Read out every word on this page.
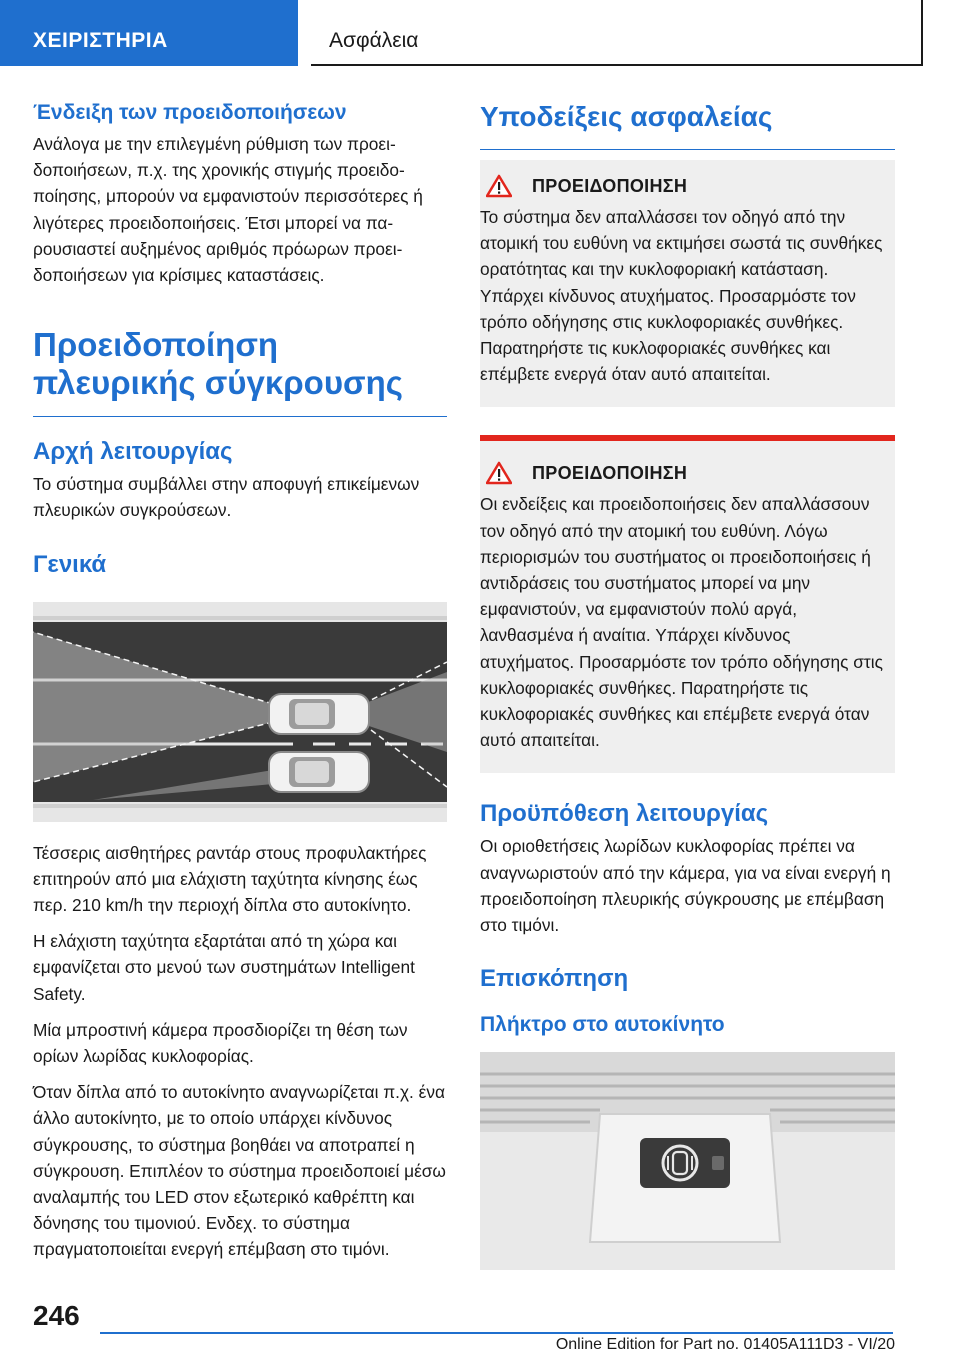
ΧΕΙΡΙΣΤΗΡΙΑ	Ασφάλεια
Ένδειξη των προειδοποιήσεων

Ανάλογα με την επιλεγμένη ρύθμιση των προειδοποιήσεων, π.χ. της χρονικής στιγμής προειδοποίησης, μπορούν να εμφανιστούν περισσότερες ή λιγότερες προειδοποιήσεις. Έτσι μπορεί να παρουσιαστεί αυξημένος αριθμός πρόωρων προειδοποιήσεων για κρίσιμες καταστάσεις.

Προειδοποίηση πλευρικής σύγκρουσης
Αρχή λειτουργίας

Το σύστημα συμβάλλει στην αποφυγή επικείμενων πλευρικών συγκρούσεων.

Γενικά

Τέσσερις αισθητήρες ραντάρ στους προφυλακτήρες επιτηρούν από μια ελάχιστη ταχύτητα κίνησης έως περ. 210 km/h την περιοχή δίπλα στο αυτοκίνητο.

Η ελάχιστη ταχύτητα εξαρτάται από τη χώρα και εμφανίζεται στο μενού των συστημάτων Intelligent Safety.

Μία μπροστινή κάμερα προσδιορίζει τη θέση των ορίων λωρίδας κυκλοφορίας.

Όταν δίπλα από το αυτοκίνητο αναγνωρίζεται π.χ. ένα άλλο αυτοκίνητο, με το οποίο υπάρχει κίνδυνος σύγκρουσης, το σύστημα βοηθάει να αποτραπεί η σύγκρουση. Επιπλέον το σύστημα προειδοποιεί μέσω αναλαμπής του LED στον εξωτερικό καθρέπτη και δόνησης του τιμονιού. Ενδεχ. το σύστημα πραγματοποιείται ενεργή επέμβαση στο τιμόνι.

Υποδείξεις ασφαλείας
ΠΡΟΕΙΔΟΠΟΙΗΣΗ

Το σύστημα δεν απαλλάσσει τον οδηγό από την ατομική του ευθύνη να εκτιμήσει σωστά τις συνθήκες ορατότητας και την κυκλοφοριακή κατάσταση. Υπάρχει κίνδυνος ατυχήματος. Προσαρμόστε τον τρόπο οδήγησης στις κυκλοφοριακές συνθήκες. Παρατηρήστε τις κυκλοφοριακές συνθήκες και επέμβετε ενεργά όταν αυτό απαιτείται.

ΠΡΟΕΙΔΟΠΟΙΗΣΗ

Οι ενδείξεις και προειδοποιήσεις δεν απαλλάσσουν τον οδηγό από την ατομική του ευθύνη. Λόγω περιορισμών του συστήματος οι προειδοποιήσεις ή αντιδράσεις του συστήματος μπορεί να μην εμφανιστούν, να εμφανιστούν πολύ αργά, λανθασμένα ή αναίτια. Υπάρχει κίνδυνος ατυχήματος. Προσαρμόστε τον τρόπο οδήγησης στις κυκλοφοριακές συνθήκες. Παρατηρήστε τις κυκλοφοριακές συνθήκες και επέμβετε ενεργά όταν αυτό απαιτείται.

Προϋπόθεση λειτουργίας

Οι οριοθετήσεις λωρίδων κυκλοφορίας πρέπει να αναγνωριστούν από την κάμερα, για να είναι ενεργή η προειδοποίηση πλευρικής σύγκρουσης με επέμβαση στο τιμόνι.

Επισκόπηση
Πλήκτρο στο αυτοκίνητο
246
Online Edition for Part no. 01405A111D3 - VI/20
